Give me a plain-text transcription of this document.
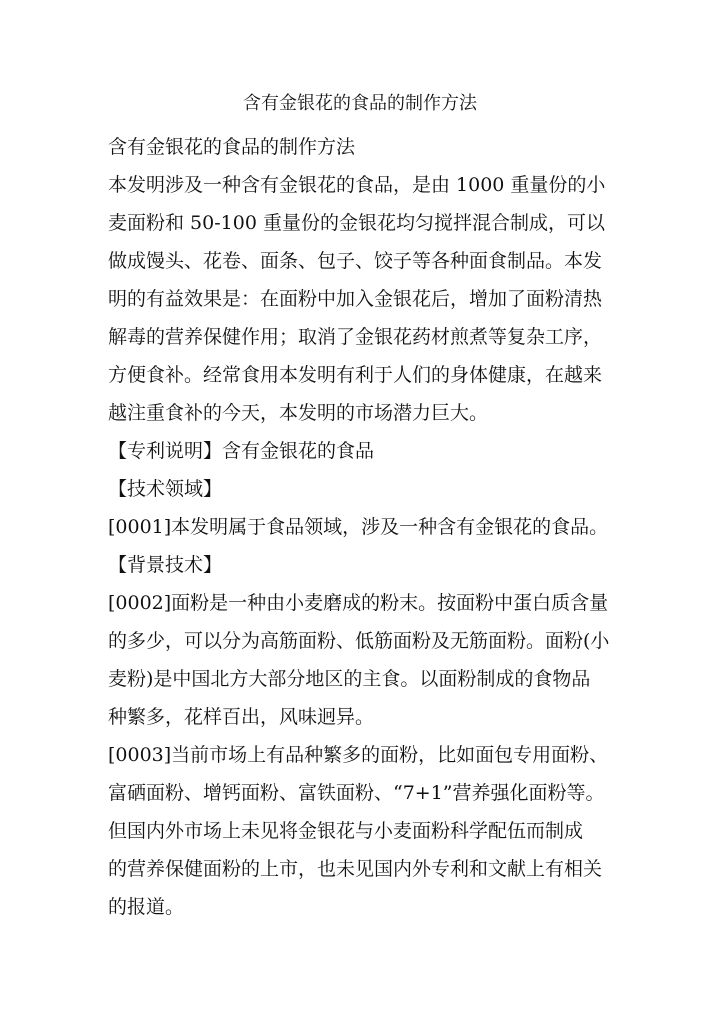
含有金银花的食品的制作方法
含有金银花的食品的制作方法
本发明涉及一种含有金银花的食品，是由 1000 重量份的小
麦面粉和 50-100 重量份的金银花均匀搅拌混合制成，可以
做成馒头、花卷、面条、包子、饺子等各种面食制品。本发
明的有益效果是：在面粉中加入金银花后，增加了面粉清热
解毒的营养保健作用；取消了金银花药材煎煮等复杂工序，
方便食补。经常食用本发明有利于人们的身体健康，在越来
越注重食补的今天，本发明的市场潜力巨大。
【专利说明】含有金银花的食品
【技术领域】
[0001]本发明属于食品领域，涉及一种含有金银花的食品。
【背景技术】
[0002]面粉是一种由小麦磨成的粉末。按面粉中蛋白质含量
的多少，可以分为高筋面粉、低筋面粉及无筋面粉。面粉(小
麦粉)是中国北方大部分地区的主食。以面粉制成的食物品
种繁多，花样百出，风味迥异。
[0003]当前市场上有品种繁多的面粉，比如面包专用面粉、
富硒面粉、增钙面粉、富铁面粉、“7+1”营养强化面粉等。
但国内外市场上未见将金银花与小麦面粉科学配伍而制成
的营养保健面粉的上市，也未见国内外专利和文献上有相关
的报道。
